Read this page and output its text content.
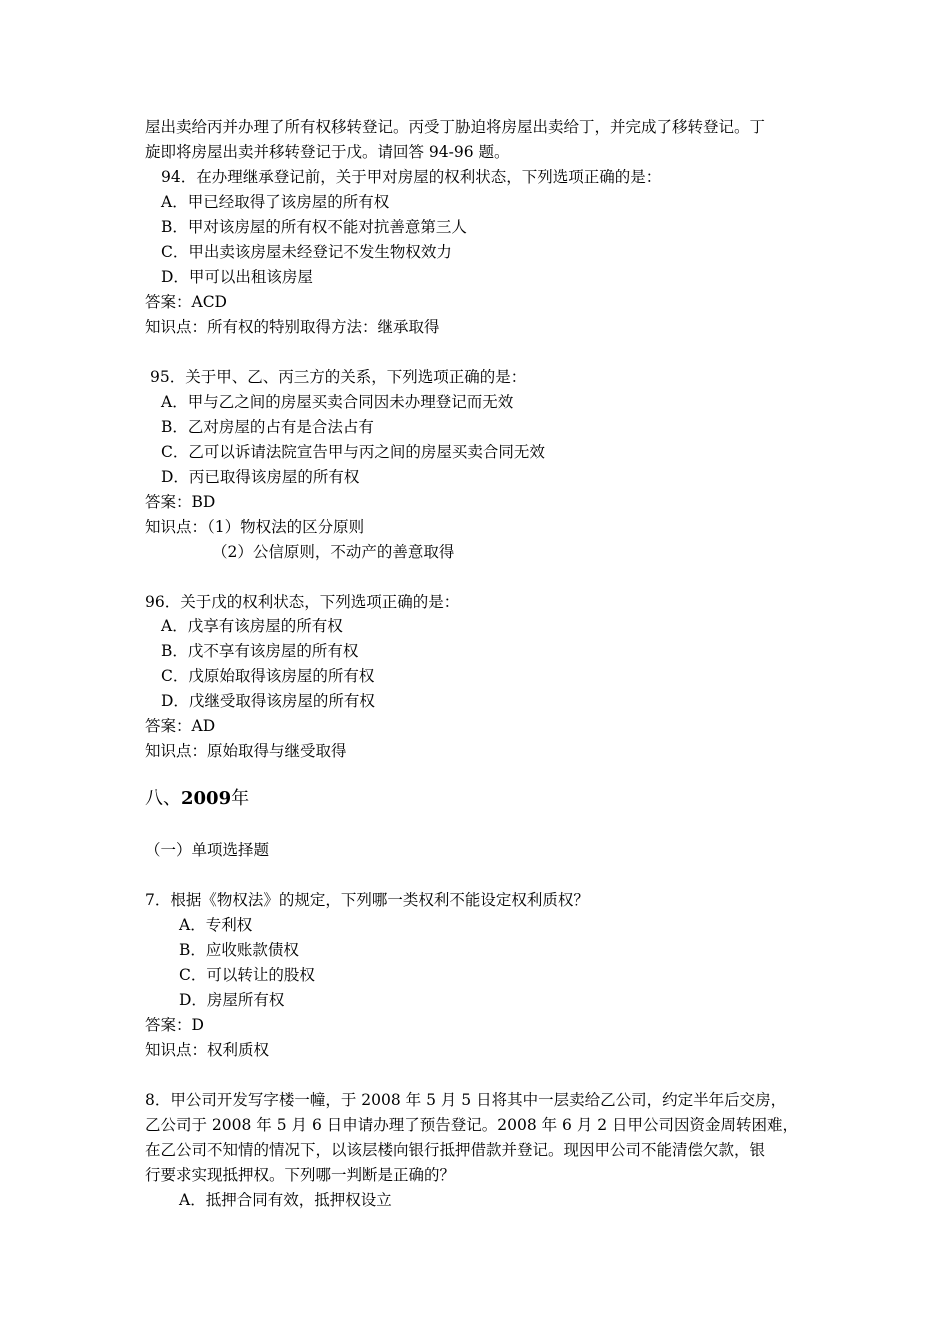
屋出卖给丙并办理了所有权移转登记。丙受丁胁迫将房屋出卖给丁，并完成了移转登记。丁
旋即将房屋出卖并移转登记于戊。请回答 94-96 题。
94．在办理继承登记前，关于甲对房屋的权利状态，下列选项正确的是：
A．甲已经取得了该房屋的所有权
B．甲对该房屋的所有权不能对抗善意第三人
C．甲出卖该房屋未经登记不发生物权效力
D．甲可以出租该房屋
答案：ACD
知识点：所有权的特别取得方法：继承取得
95．关于甲、乙、丙三方的关系，下列选项正确的是：
A．甲与乙之间的房屋买卖合同因未办理登记而无效
B．乙对房屋的占有是合法占有
C．乙可以诉请法院宣告甲与丙之间的房屋买卖合同无效
D．丙已取得该房屋的所有权
答案：BD
知识点：（1）物权法的区分原则
（2）公信原则，不动产的善意取得
96．关于戊的权利状态，下列选项正确的是：
A．戊享有该房屋的所有权
B．戊不享有该房屋的所有权
C．戊原始取得该房屋的所有权
D．戊继受取得该房屋的所有权
答案：AD
知识点：原始取得与继受取得
八、2009年
（一）单项选择题
7．根据《物权法》的规定，下列哪一类权利不能设定权利质权？
A．专利权
B．应收账款债权
C．可以转让的股权
D．房屋所有权
答案：D
知识点：权利质权
8．甲公司开发写字楼一幢，于 2008 年 5 月 5 日将其中一层卖给乙公司，约定半年后交房，
乙公司于 2008 年 5 月 6 日申请办理了预告登记。2008 年 6 月 2 日甲公司因资金周转困难，
在乙公司不知情的情况下，以该层楼向银行抵押借款并登记。现因甲公司不能清偿欠款，银
行要求实现抵押权。下列哪一判断是正确的？
A．抵押合同有效，抵押权设立
